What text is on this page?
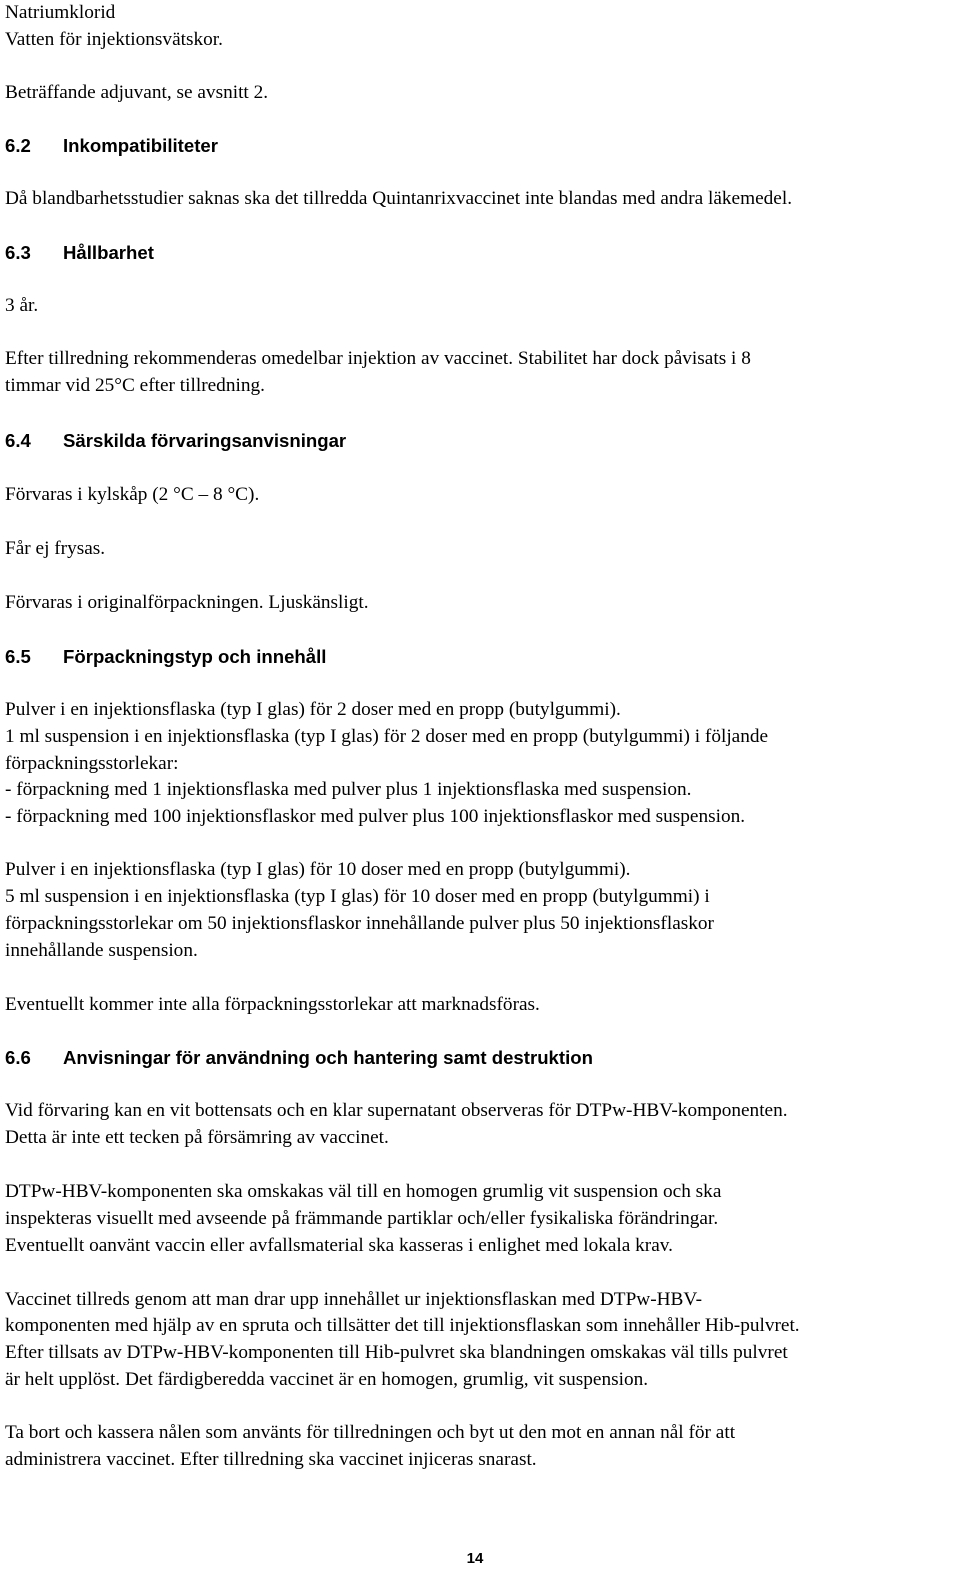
Natriumklorid

Vatten för injektionsvätskor.

Beträffande adjuvant, se avsnitt 2.

6.2 Inkompatibiliteter

Då blandbarhetsstudier saknas ska det tillredda Quintanrixvaccinet inte blandas med andra läkemedel.

6.3 Hållbarhet

3 år.

Efter tillredning rekommenderas omedelbar injektion av vaccinet. Stabilitet har dock påvisats i 8

timmar vid 25°C efter tillredning.

6.4 Särskilda förvaringsanvisningar

Förvaras i kylskåp (2 °C – 8 °C).

Får ej frysas.

Förvaras i originalförpackningen. Ljuskänsligt.

6.5 Förpackningstyp och innehåll

Pulver i en injektionsflaska (typ I glas) för 2 doser med en propp (butylgummi).

1 ml suspension i en injektionsflaska (typ I glas) för 2 doser med en propp (butylgummi) i följande

förpackningsstorlekar:

- förpackning med 1 injektionsflaska med pulver plus 1 injektionsflaska med suspension.

- förpackning med 100 injektionsflaskor med pulver plus 100 injektionsflaskor med suspension.

Pulver i en injektionsflaska (typ I glas) för 10 doser med en propp (butylgummi).

5 ml suspension i en injektionsflaska (typ I glas) för 10 doser med en propp (butylgummi) i

förpackningsstorlekar om 50 injektionsflaskor innehållande pulver plus 50 injektionsflaskor

innehållande suspension.

Eventuellt kommer inte alla förpackningsstorlekar att marknadsföras.

6.6 Anvisningar för användning och hantering samt destruktion

Vid förvaring kan en vit bottensats och en klar supernatant observeras för DTPw-HBV-komponenten.

Detta är inte ett tecken på försämring av vaccinet.

DTPw-HBV-komponenten ska omskakas väl till en homogen grumlig vit suspension och ska

inspekteras visuellt med avseende på främmande partiklar och/eller fysikaliska förändringar.

Eventuellt oanvänt vaccin eller avfallsmaterial ska kasseras i enlighet med lokala krav.

Vaccinet tillreds genom att man drar upp innehållet ur injektionsflaskan med DTPw-HBV-

komponenten med hjälp av en spruta och tillsätter det till injektionsflaskan som innehåller Hib-pulvret.

Efter tillsats av DTPw-HBV-komponenten till Hib-pulvret ska blandningen omskakas väl tills pulvret

är helt upplöst. Det färdigberedda vaccinet är en homogen, grumlig, vit suspension.

Ta bort och kassera nålen som använts för tillredningen och byt ut den mot en annan nål för att

administrera vaccinet. Efter tillredning ska vaccinet injiceras snarast.

14
